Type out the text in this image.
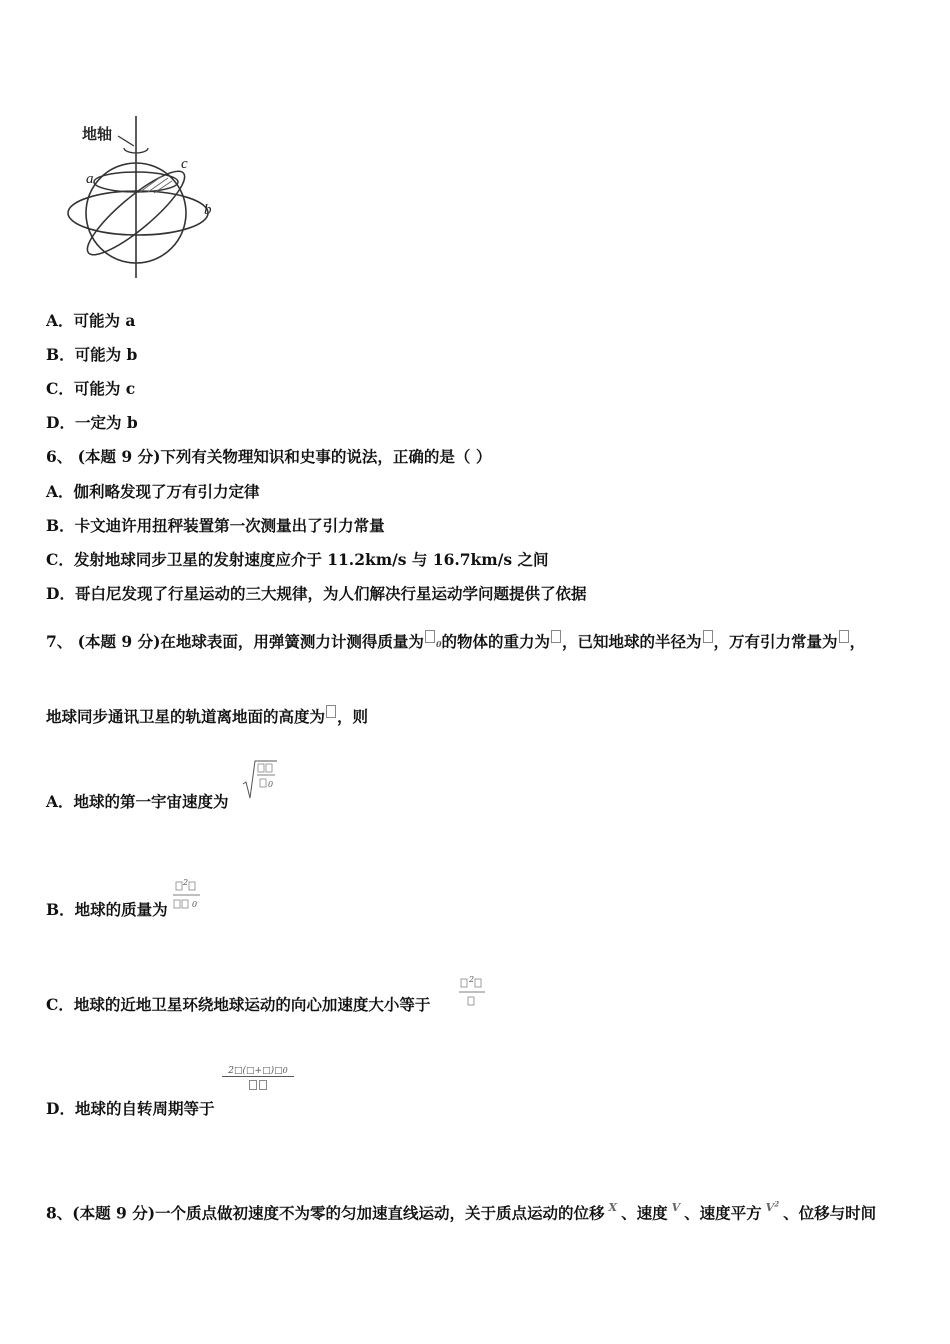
地轴
a
b
c
A．可能为 a
B．可能为 b
C．可能为 c
D．一定为 b
6、 (本题 9 分)下列有关物理知识和史事的说法，正确的是（ ）
A．伽利略发现了万有引力定律
B．卡文迪许用扭秤装置第一次测量出了引力常量
C．发射地球同步卫星的发射速度应介于 11.2km/s 与 16.7km/s 之间
D．哥白尼发现了行星运动的三大规律，为人们解决行星运动学问题提供了依据
7、 (本题 9 分)在地球表面，用弹簧测力计测得质量为 0的物体的重力为 ，已知地球的半径为 ，万有引力常量为 ，
地球同步通讯卫星的轨道离地面的高度为 ，则
A．地球的第一宇宙速度为
0
B．地球的质量为
2
0
C．地球的近地卫星环绕地球运动的向心加速度大小等于
2
D．地球的自转周期等于
2□(□+□)□0
8、(本题 9 分)一个质点做初速度不为零的匀加速直线运动，关于质点运动的位移 $^X$ 、速度 $^V$ 、速度平方 $^{V^2}$、位移与时间
